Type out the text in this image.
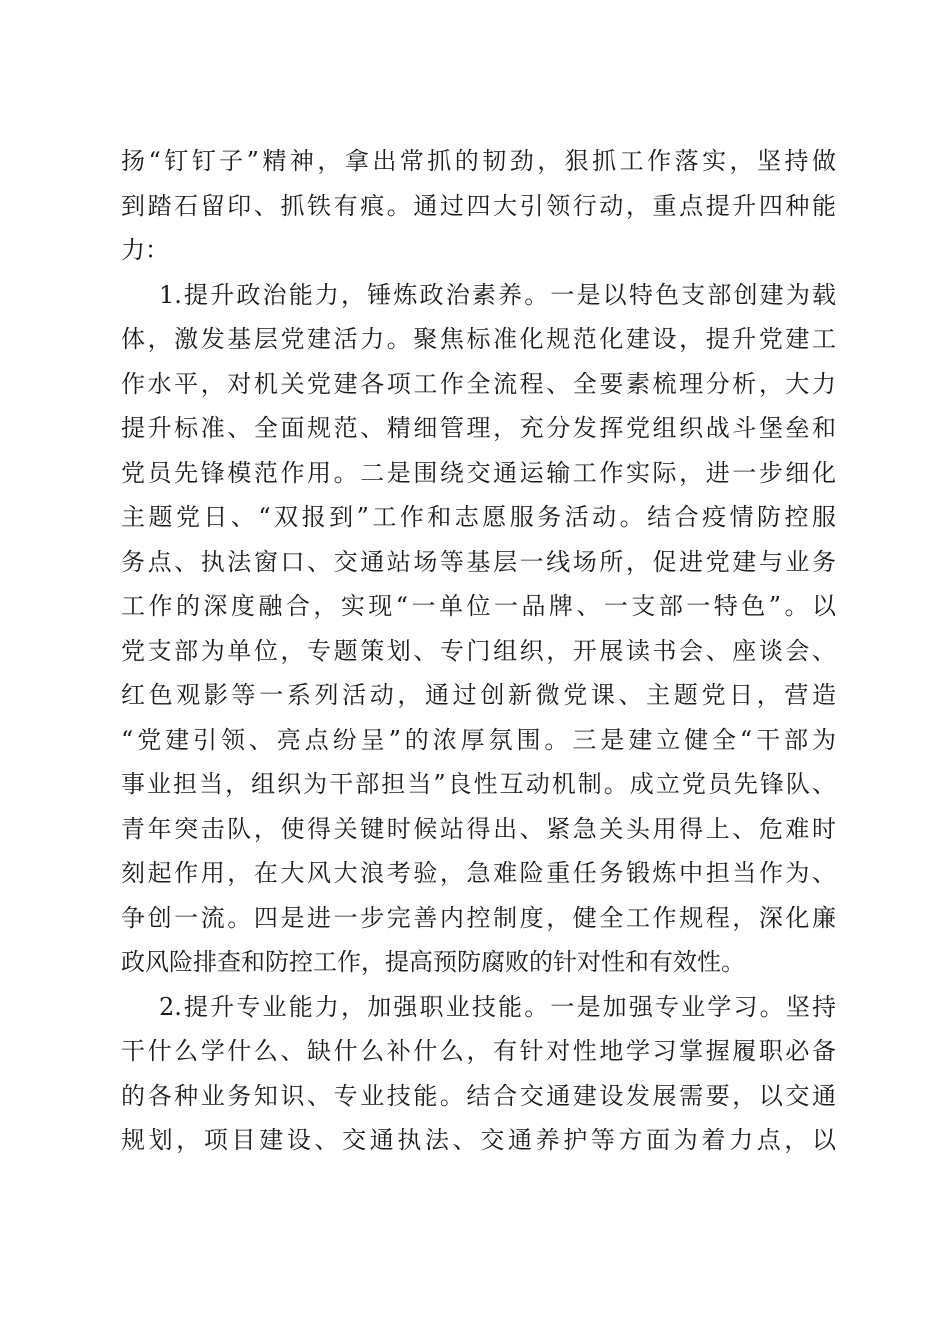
扬“钉钉子”精神，拿出常抓的韧劲，狠抓工作落实，坚持做
到踏石留印、抓铁有痕。通过四大引领行动，重点提升四种能
力：
1.提升政治能力，锤炼政治素养。一是以特色支部创建为载
体，激发基层党建活力。聚焦标准化规范化建设，提升党建工
作水平，对机关党建各项工作全流程、全要素梳理分析，大力
提升标准、全面规范、精细管理，充分发挥党组织战斗堡垒和
党员先锋模范作用。二是围绕交通运输工作实际，进一步细化
主题党日、“双报到”工作和志愿服务活动。结合疫情防控服
务点、执法窗口、交通站场等基层一线场所，促进党建与业务
工作的深度融合，实现“一单位一品牌、一支部一特色”。以
党支部为单位，专题策划、专门组织，开展读书会、座谈会、
红色观影等一系列活动，通过创新微党课、主题党日，营造
“党建引领、亮点纷呈”的浓厚氛围。三是建立健全“干部为
事业担当，组织为干部担当”良性互动机制。成立党员先锋队、
青年突击队，使得关键时候站得出、紧急关头用得上、危难时
刻起作用，在大风大浪考验，急难险重任务锻炼中担当作为、
争创一流。四是进一步完善内控制度，健全工作规程，深化廉
政风险排查和防控工作，提高预防腐败的针对性和有效性。
2.提升专业能力，加强职业技能。一是加强专业学习。坚持
干什么学什么、缺什么补什么，有针对性地学习掌握履职必备
的各种业务知识、专业技能。结合交通建设发展需要，以交通
规划，项目建设、交通执法、交通养护等方面为着力点，以
